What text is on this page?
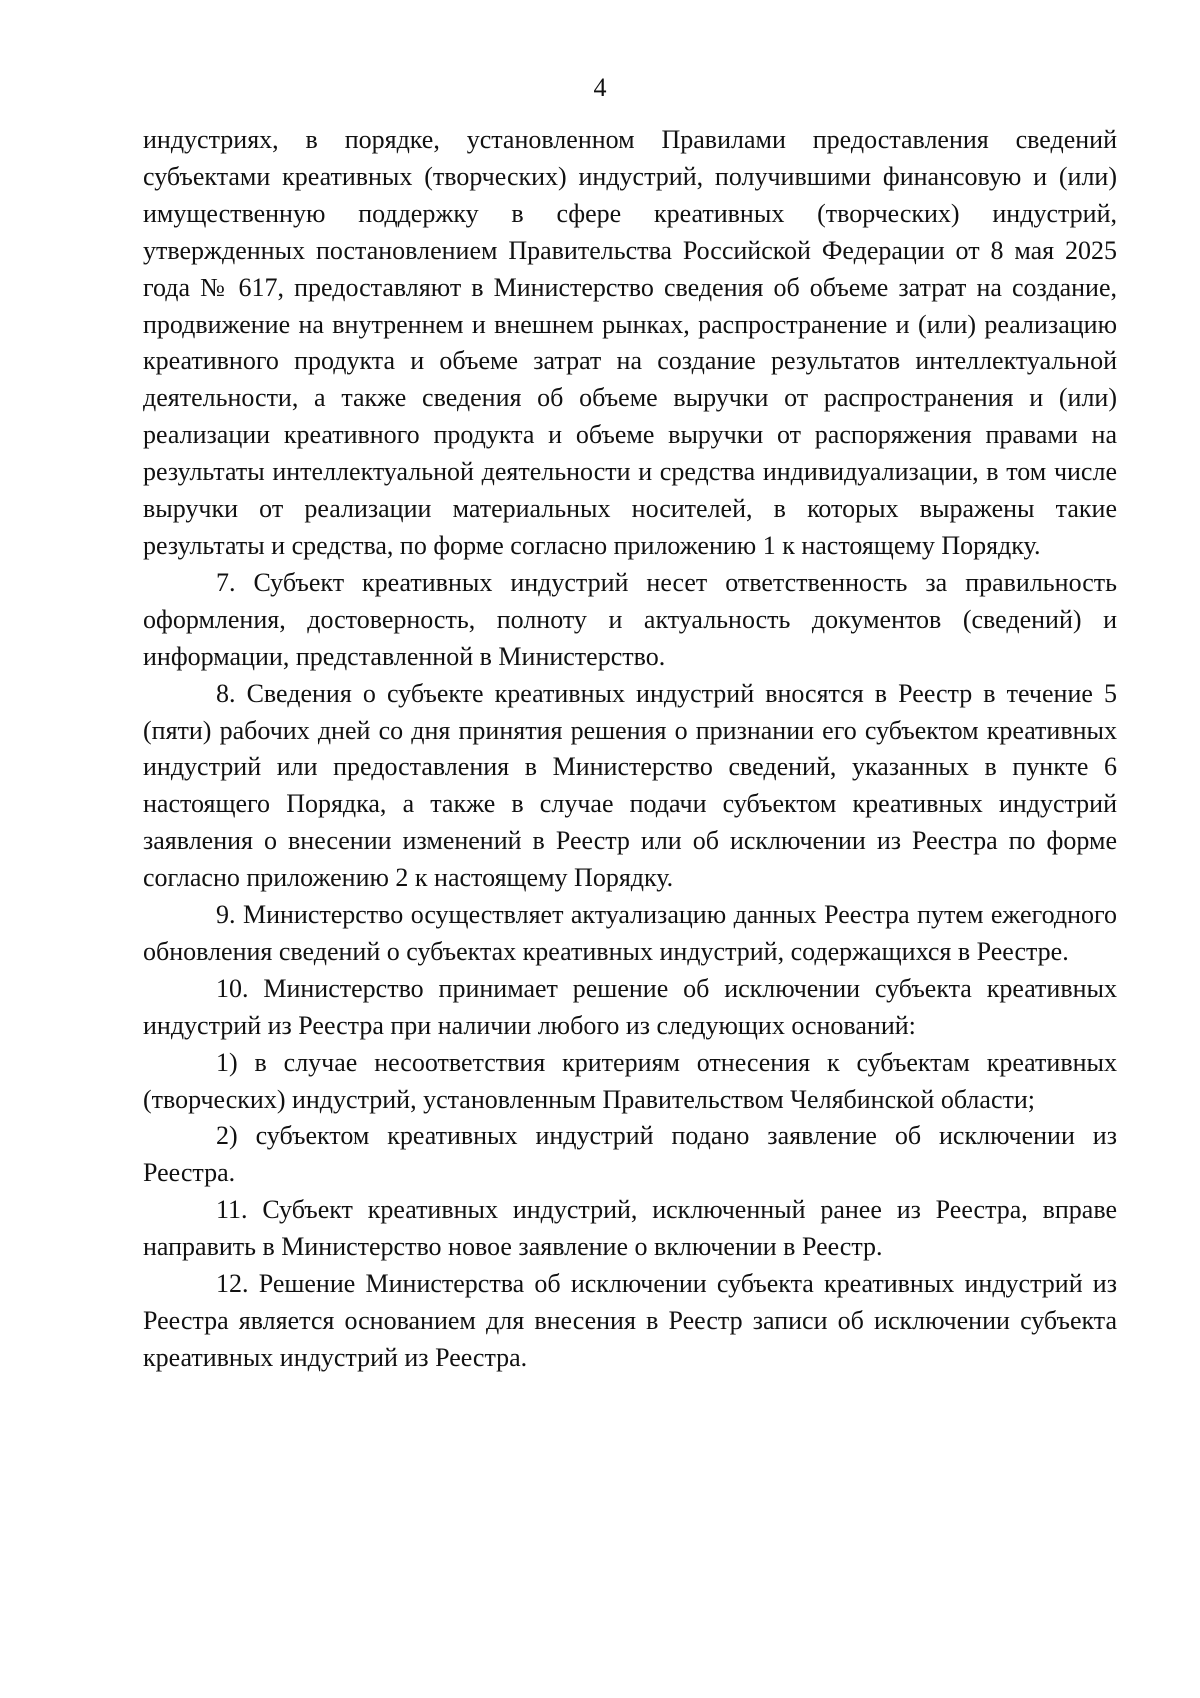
4

индустриях, в порядке, установленном Правилами предоставления сведений субъектами креативных (творческих) индустрий, получившими финансовую и (или) имущественную поддержку в сфере креативных (творческих) индустрий, утвержденных постановлением Правительства Российской Федерации от 8 мая 2025 года № 617, предоставляют в Министерство сведения об объеме затрат на создание, продвижение на внутреннем и внешнем рынках, распространение и (или) реализацию креативного продукта и объеме затрат на создание результатов интеллектуальной деятельности, а также сведения об объеме выручки от распространения и (или) реализации креативного продукта и объеме выручки от распоряжения правами на результаты интеллектуальной деятельности и средства индивидуализации, в том числе выручки от реализации материальных носителей, в которых выражены такие результаты и средства, по форме согласно приложению 1 к настоящему Порядку.

7. Субъект креативных индустрий несет ответственность за правильность оформления, достоверность, полноту и актуальность документов (сведений) и информации, представленной в Министерство.

8. Сведения о субъекте креативных индустрий вносятся в Реестр в течение 5 (пяти) рабочих дней со дня принятия решения о признании его субъектом креативных индустрий или предоставления в Министерство сведений, указанных в пункте 6 настоящего Порядка, а также в случае подачи субъектом креативных индустрий заявления о внесении изменений в Реестр или об исключении из Реестра по форме согласно приложению 2 к настоящему Порядку.

9. Министерство осуществляет актуализацию данных Реестра путем ежегодного обновления сведений о субъектах креативных индустрий, содержащихся в Реестре.

10. Министерство принимает решение об исключении субъекта креативных индустрий из Реестра при наличии любого из следующих оснований:

1) в случае несоответствия критериям отнесения к субъектам креативных (творческих) индустрий, установленным Правительством Челябинской области;

2) субъектом креативных индустрий подано заявление об исключении из Реестра.

11. Субъект креативных индустрий, исключенный ранее из Реестра, вправе направить в Министерство новое заявление о включении в Реестр.

12. Решение Министерства об исключении субъекта креативных индустрий из Реестра является основанием для внесения в Реестр записи об исключении субъекта креативных индустрий из Реестра.
